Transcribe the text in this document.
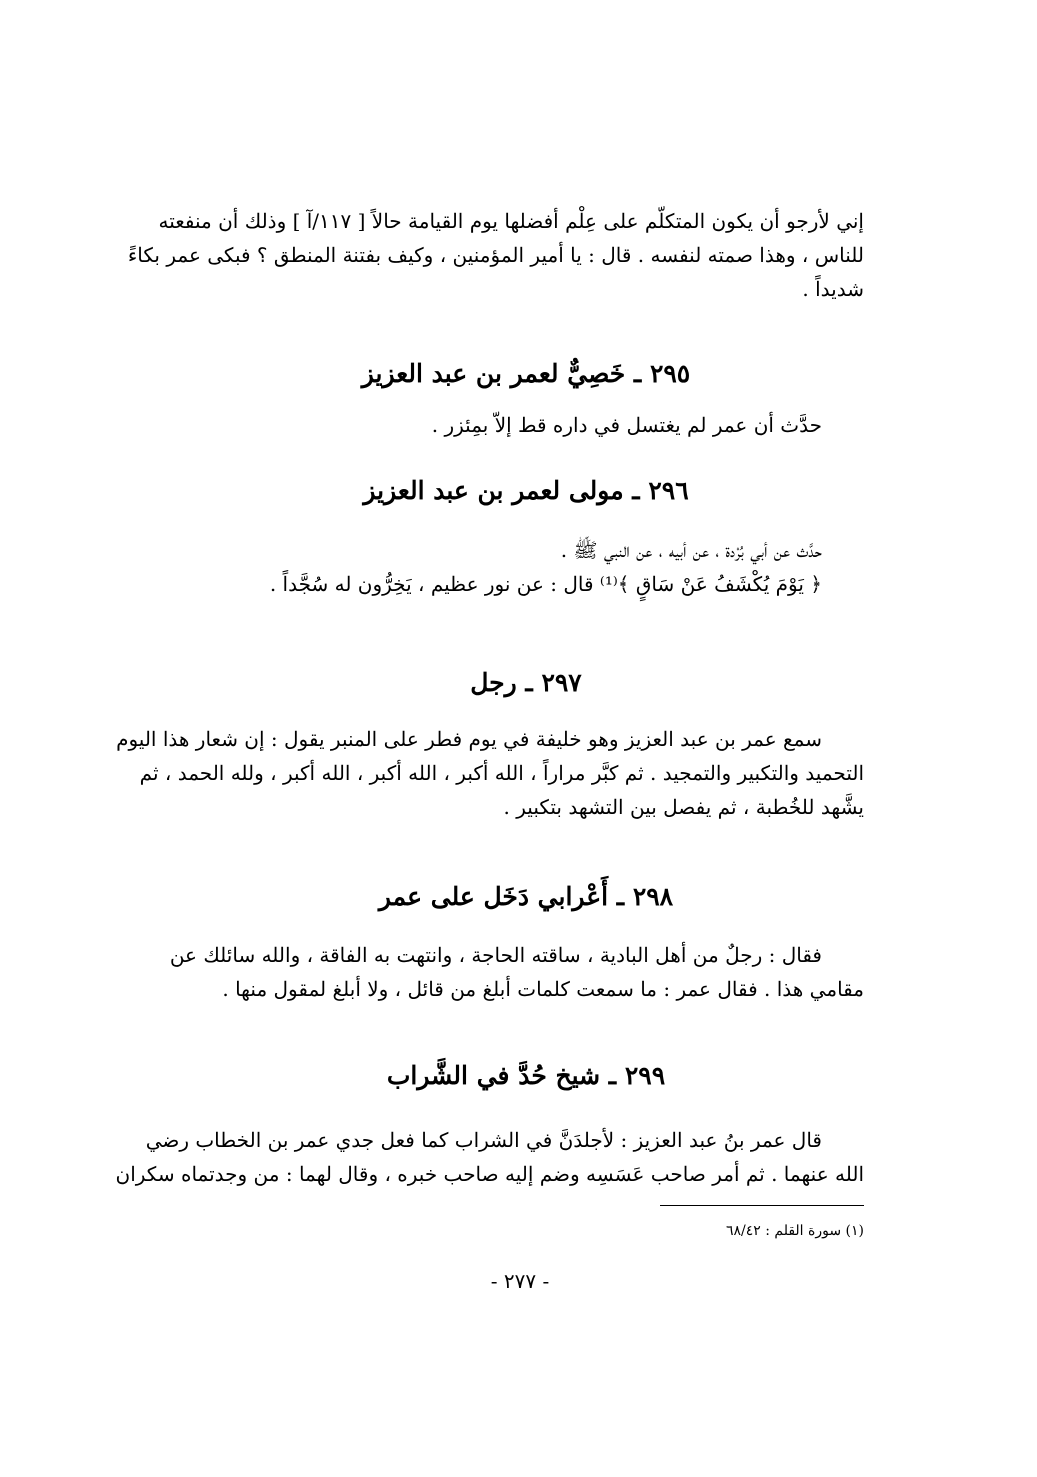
إني لأرجو أن يكون المتكلّم على عِلْم أفضلها يوم القيامة حالاً [ ١١٧/آ ] وذلك أن منفعته
للناس ، وهذا صمته لنفسه . قال : يا أمير المؤمنين ، وكيف بفتنة المنطق ؟ فبكى عمر بكاءً
شديداً .
٢٩٥ ـ خَصِيٌّ لعمر بن عبد العزيز
حدَّث أن عمر لم يغتسل في داره قط إلاّ بمِئزر .
٢٩٦ ـ مولى لعمر بن عبد العزيز
حدَّث عن أبي بُرْدة ، عن أبيه ، عن النبي ﷺ .
﴿ يَوْمَ يُكْشَفُ عَنْ سَاقٍ ﴾⁽¹⁾ قال : عن نور عظيم ، يَخِرُّون له سُجَّداً .
٢٩٧ ـ رجل
سمع عمر بن عبد العزيز وهو خليفة في يوم فطر على المنبر يقول : إن شعار هذا اليوم
التحميد والتكبير والتمجيد . ثم كبَّر مراراً ، الله أكبر ، الله أكبر ، الله أكبر ، ولله الحمد ، ثم
يشَّهد للخُطبة ، ثم يفصل بين التشهد بتكبير .
٢٩٨ ـ أَعْرابي دَخَل على عمر
فقال : رجلٌ من أهل البادية ، ساقته الحاجة ، وانتهت به الفاقة ، والله سائلك عن
مقامي هذا . فقال عمر : ما سمعت كلمات أبلغ من قائل ، ولا أبلغ لمقول منها .
٢٩٩ ـ شيخ حُدَّ في الشَّراب
قال عمر بنُ عبد العزيز : لأجلدَنَّ في الشراب كما فعل جدي عمر بن الخطاب رضي
الله عنهما . ثم أمر صاحب عَسَسِه وضم إليه صاحب خبره ، وقال لهما : من وجدتماه سكران
(١) سورة القلم : ٦٨/٤٢
- ٢٧٧ -
